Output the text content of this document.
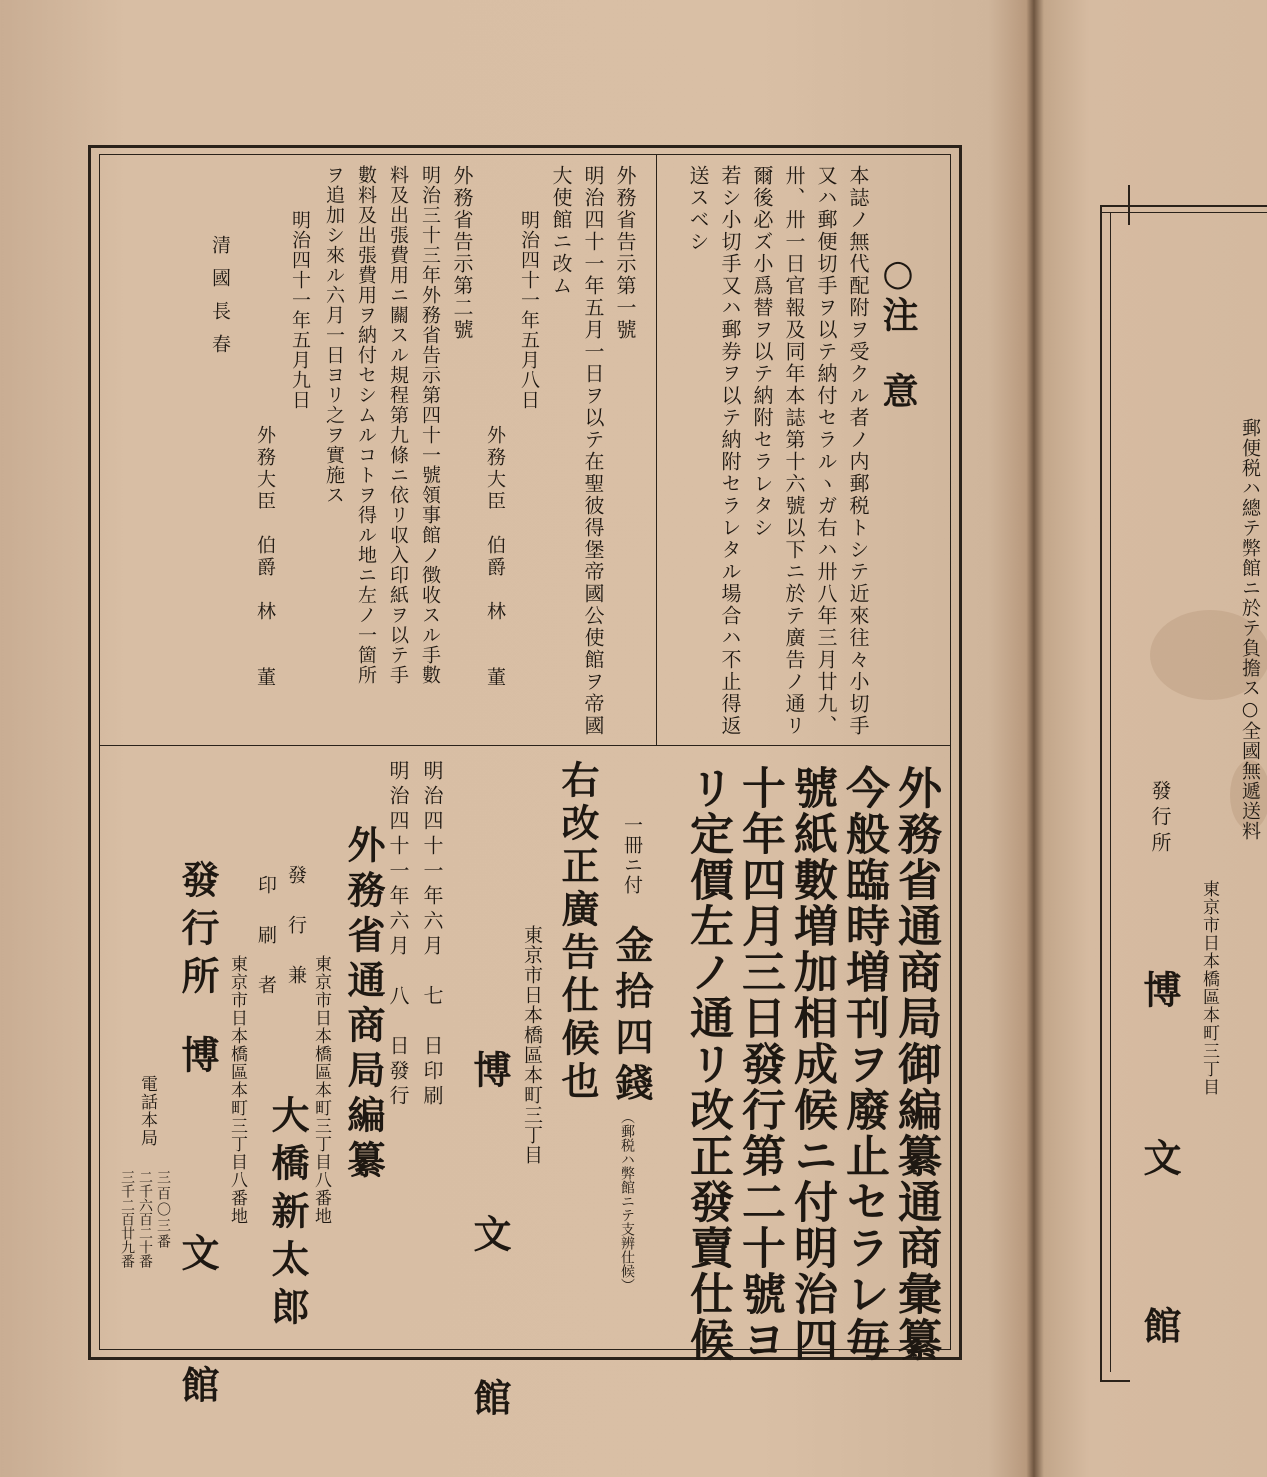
○注　意
本誌ノ無代配附ヲ受クル者ノ内郵税トシテ近來往々小切手
又ハ郵便切手ヲ以テ納付セラルヽガ右ハ卅八年三月廿九、
卅、卅一日官報及同年本誌第十六號以下ニ於テ廣告ノ通リ
爾後必ズ小爲替ヲ以テ納附セラレタシ
若シ小切手又ハ郵券ヲ以テ納附セラレタル場合ハ不止得返
送スベシ
外務省告示第一號
明治四十一年五月一日ヲ以テ在聖彼得堡帝國公使館ヲ帝國
大使館ニ改ム
明治四十一年五月八日
外務大臣　伯爵　林　　董
外務省告示第二號
明治三十三年外務省告示第四十一號領事館ノ徴收スル手數
料及出張費用ニ關スル規程第九條ニ依リ収入印紙ヲ以テ手
數料及出張費用ヲ納付セシムルコトヲ得ル地ニ左ノ一箇所
ヲ追加シ來ル六月一日ヨリ之ヲ實施ス
明治四十一年五月九日
外務大臣　伯爵　林　　董
清國長春
外務省通商局御編纂通商彙纂
今般臨時増刊ヲ廢止セラレ毎
號紙數増加相成候ニ付明治四
十年四月三日發行第二十號ヨ
リ定價左ノ通リ改正發賣仕候
一冊ニ付
金拾四錢
（郵税ハ弊館ニテ支辨仕候）
右改正廣告仕候也
東京市日本橋區本町三丁目
博　文　館
明治四十一年六月　七　日印刷
明治四十一年六月　八　日發行
外務省通商局編纂
發　行　兼
印　刷　者
東京市日本橋區本町三丁目八番地
大橋新太郎
發行所
博　　文　館 東京市日本橋區本町三丁目八番地
電話本局
三百〇三番
二千六百二十番
三千二百廿九番
郵便税ハ總テ弊館ニ於テ負擔ス○全國無遞送料
發行所
東京市日本橋區本町三丁目
博　文　館
